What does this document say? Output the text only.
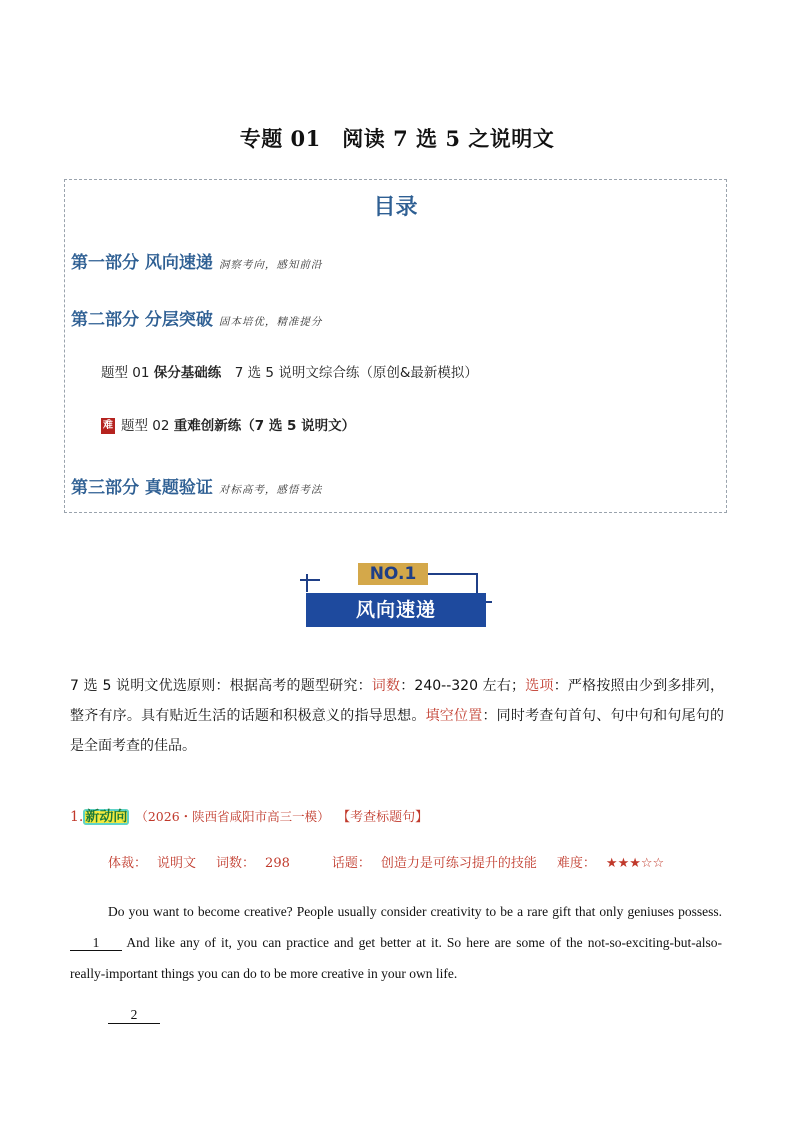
专题 01　阅读 7 选 5 之说明文
目录
第一部分 风向速递 洞察考向，感知前沿
第二部分 分层突破 固本培优，精准提分
题型 01 保分基础练　7 选 5 说明文综合练（原创&最新模拟）
难 题型 02 重难创新练（7 选 5 说明文）
第三部分 真题验证 对标高考，感悟考法
NO.1
风向速递
7 选 5 说明文优选原则：根据高考的题型研究：词数：240--320 左右；选项：严格按照由少到多排列，整齐有序。具有贴近生活的话题和积极意义的指导思想。填空位置：同时考查句首句、句中句和句尾句的是全面考查的佳品。
1. 新动向 （2026・陕西省咸阳市高三一模） 【考查标题句】
体裁： 说明文 词数： 298	话题： 创造力是可练习提升的技能 难度： ★★★☆☆
Do you want to become creative? People usually consider creativity to be a rare gift that only geniuses possess. 1 And like any of it, you can practice and get better at it. So here are some of the not-so-exciting-but-also-really-important things you can do to be more creative in your own life.
2
